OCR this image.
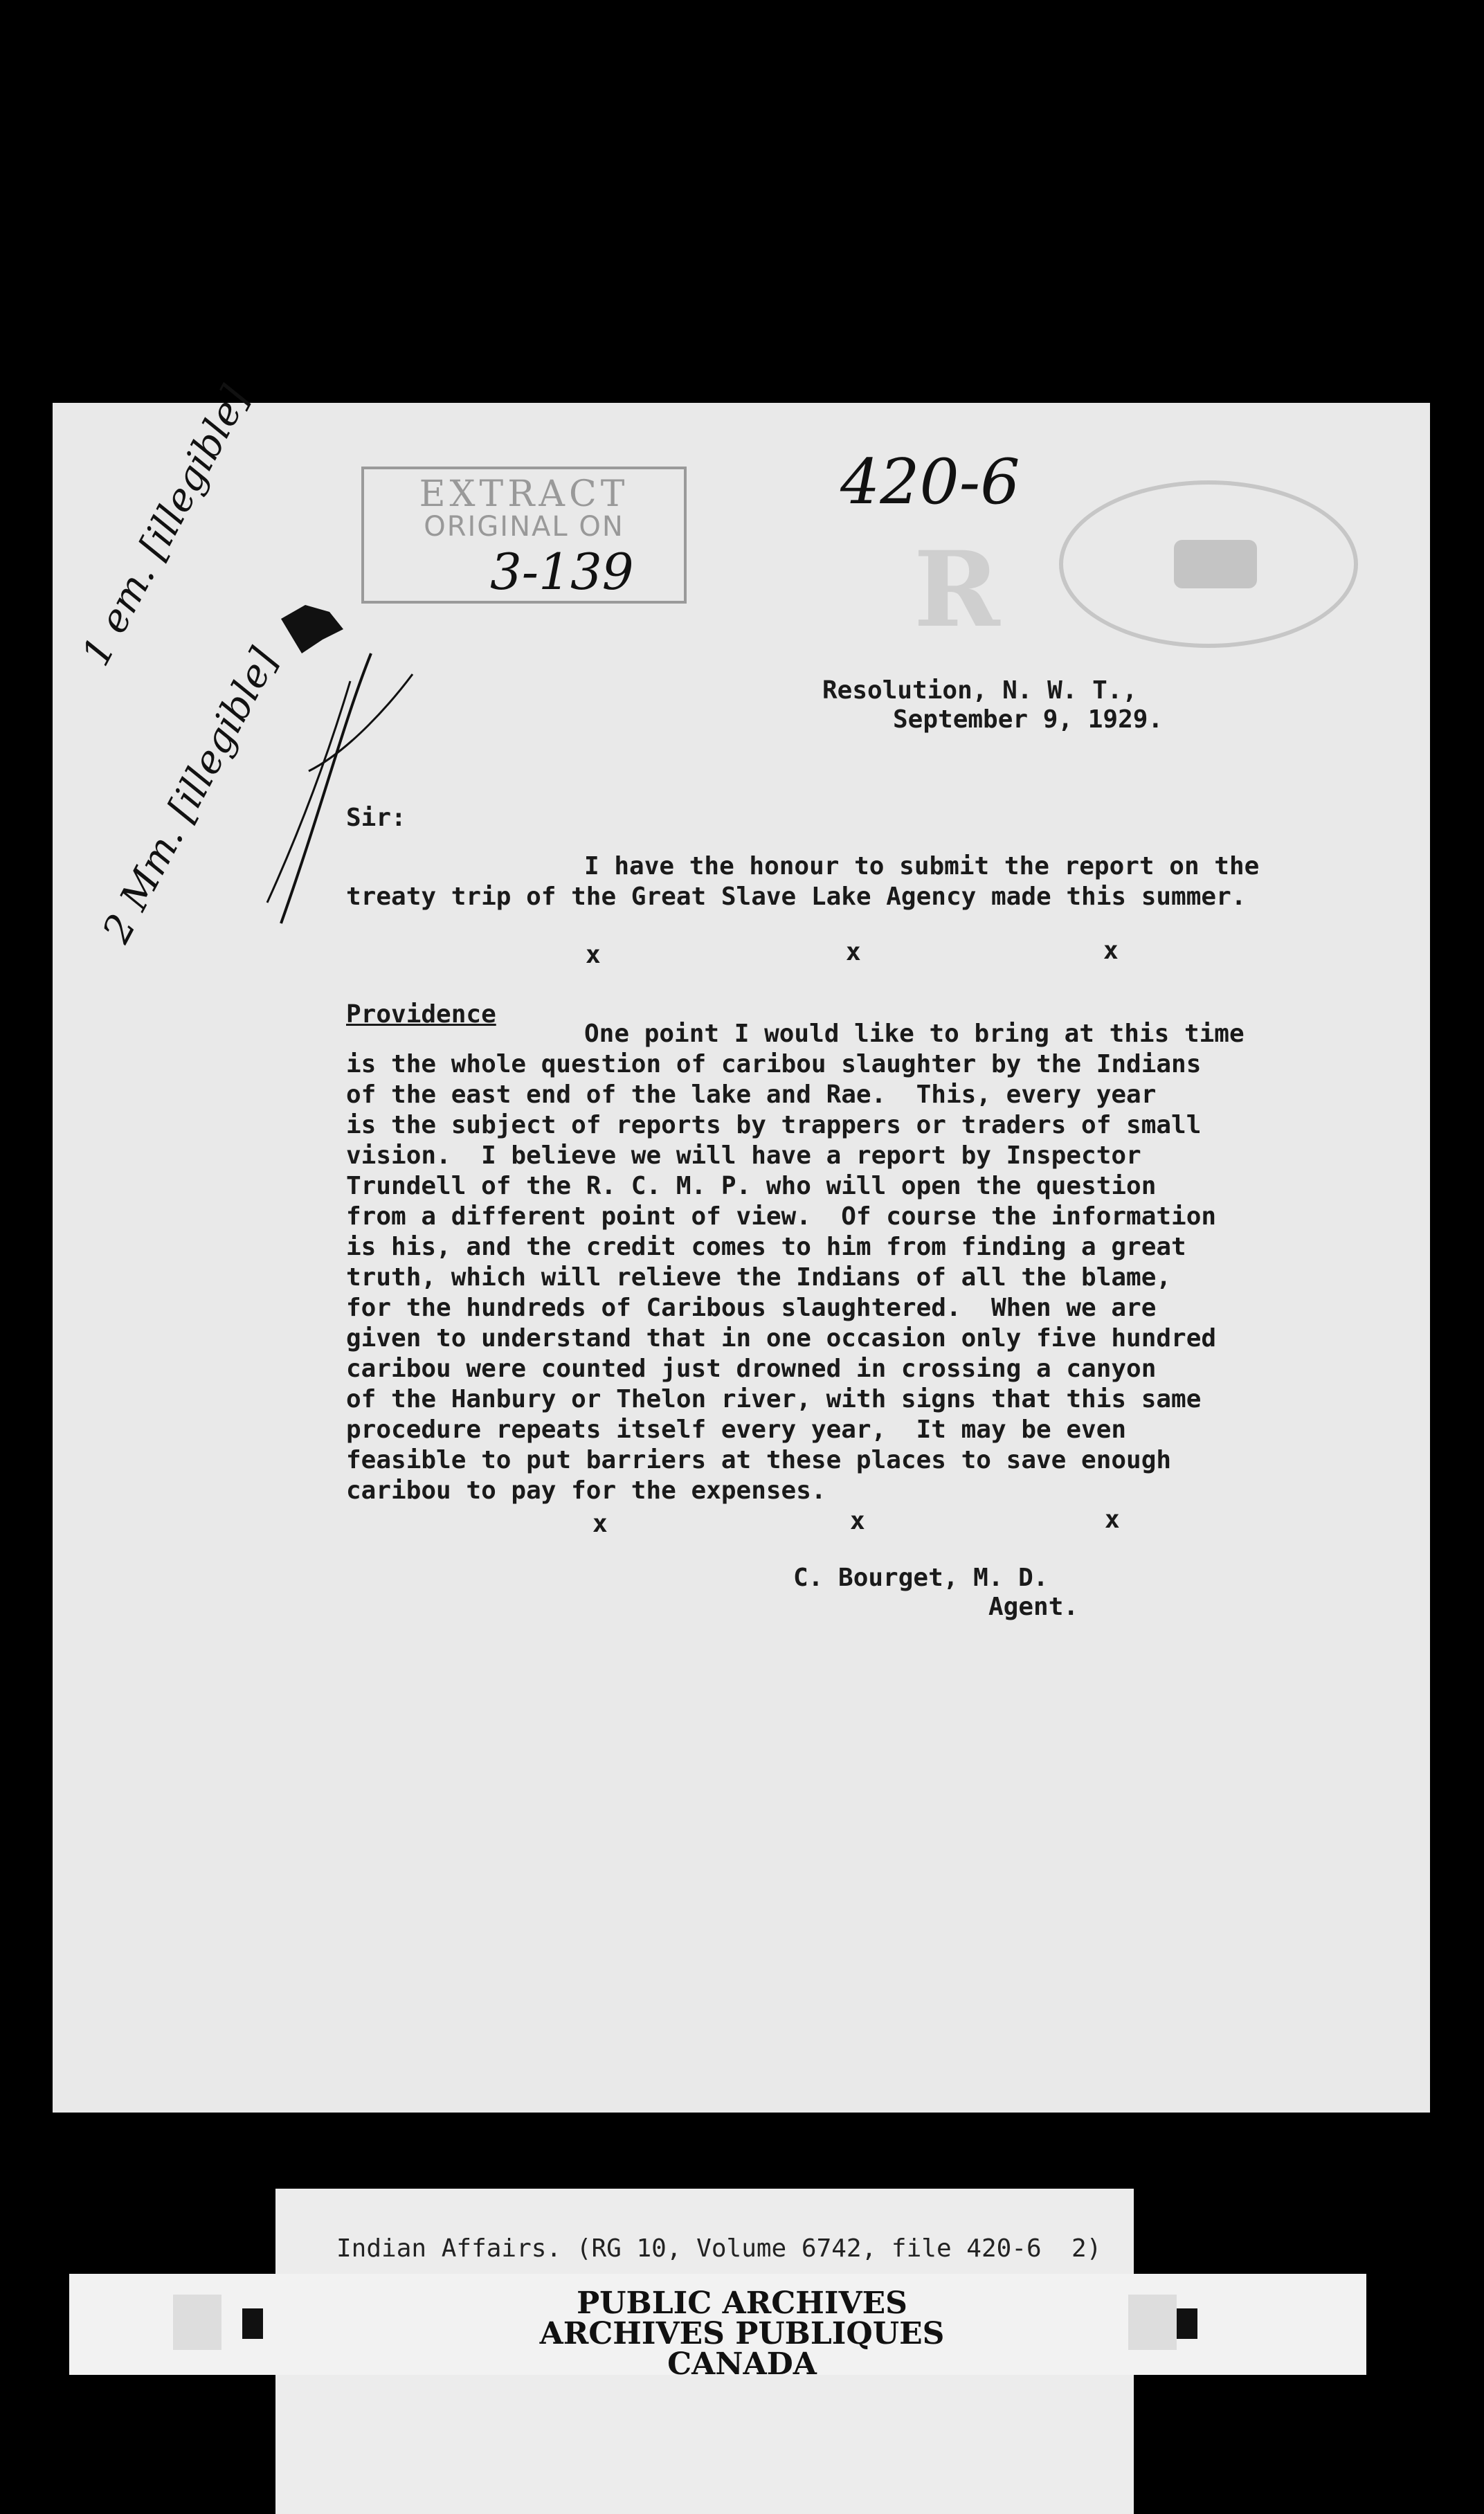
EXTRACT
ORIGINAL ON
3-139
420-6
R
1 em. [illegible]
2 Mm. [illegible]	Resolution, N. W. T.,
September 9, 1929.
Sir:
I have the honour to submit the report on the
treaty trip of the Great Slave Lake Agency made this summer.
x	x	x
Providence
One point I would like to bring at this time
is the whole question of caribou slaughter by the Indians
of the east end of the lake and Rae.  This, every year
is the subject of reports by trappers or traders of small
vision.  I believe we will have a report by Inspector
Trundell of the R. C. M. P. who will open the question
from a different point of view.  Of course the information
is his, and the credit comes to him from finding a great
truth, which will relieve the Indians of all the blame,
for the hundreds of Caribous slaughtered.  When we are
given to understand that in one occasion only five hundred
caribou were counted just drowned in crossing a canyon
of the Hanbury or Thelon river, with signs that this same
procedure repeats itself every year,  It may be even
feasible to put barriers at these places to save enough
caribou to pay for the expenses.
x	x	x
C. Bourget, M. D.
Agent.
Indian Affairs. (RG 10, Volume 6742, file 420-6  2)
PUBLIC ARCHIVES
ARCHIVES PUBLIQUES
CANADA
